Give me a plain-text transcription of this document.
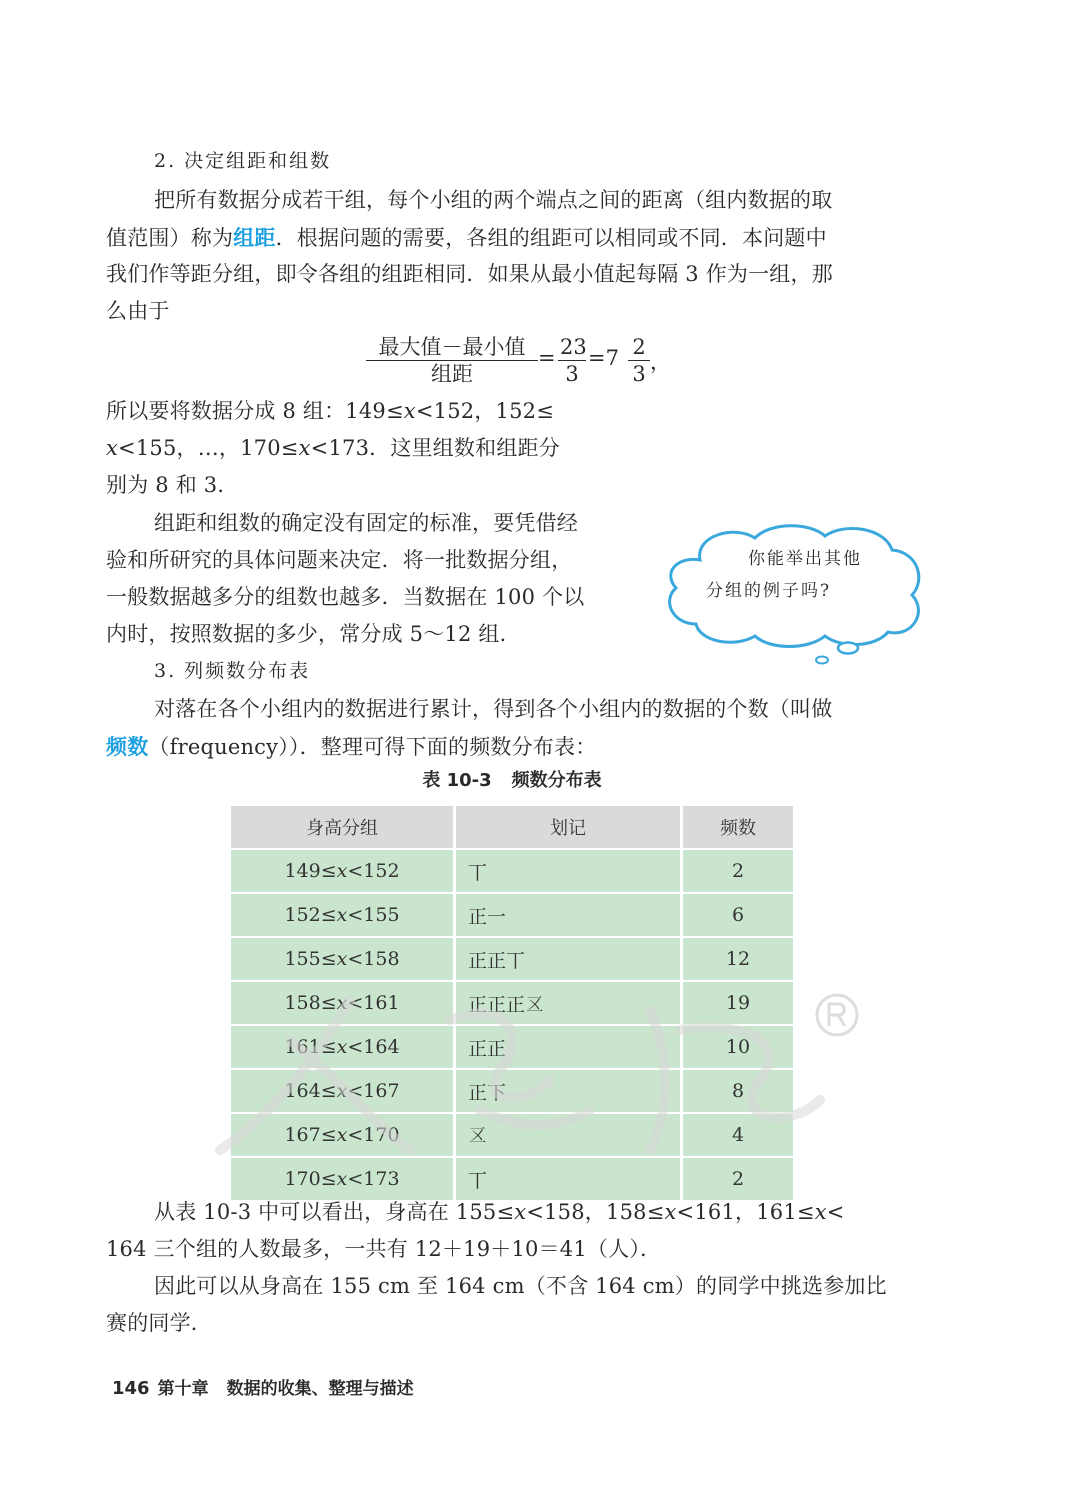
2. 决定组距和组数

把所有数据分成若干组，每个小组的两个端点之间的距离（组内数据的取

值范围）称为组距．根据问题的需要，各组的组距可以相同或不同．本问题中

我们作等距分组，即令各组的组距相同．如果从最小值起每隔 3 作为一组，那

么由于

最大值－最小值
组距
= $\frac{23}{3} =7 \frac{2}{3}$ ，

所以要将数据分成 8 组：149≤x<152，152≤

x<155，…，170≤x<173．这里组数和组距分

别为 8 和 3．

组距和组数的确定没有固定的标准，要凭借经

验和所研究的具体问题来决定．将一批数据分组，

一般数据越多分的组数也越多．当数据在 100 个以

内时，按照数据的多少，常分成 5～12 组．

你能举出其他
分组的例子吗?

3. 列频数分布表

对落在各个小组内的数据进行累计，得到各个小组内的数据的个数（叫做

频数（frequency））．整理可得下面的频数分布表：

表 10-3 频数分布表
身高分组	划记	频数
149≤x<152	丅	2
152≤x<155	正一	6
155≤x<158	正正丅	12
158≤x<161	正正正𠄡	19
161≤x<164	正正	10
164≤x<167	正下	8
167≤x<170	𠄡	4
170≤x<173	丅	2

从表 10-3 中可以看出，身高在 155≤x<158，158≤x<161，161≤x<

164 三个组的人数最多，一共有 12＋19＋10＝41（人）．

因此可以从身高在 155 cm 至 164 cm（不含 164 cm）的同学中挑选参加比

赛的同学．

146 第十章 数据的收集、整理与描述
